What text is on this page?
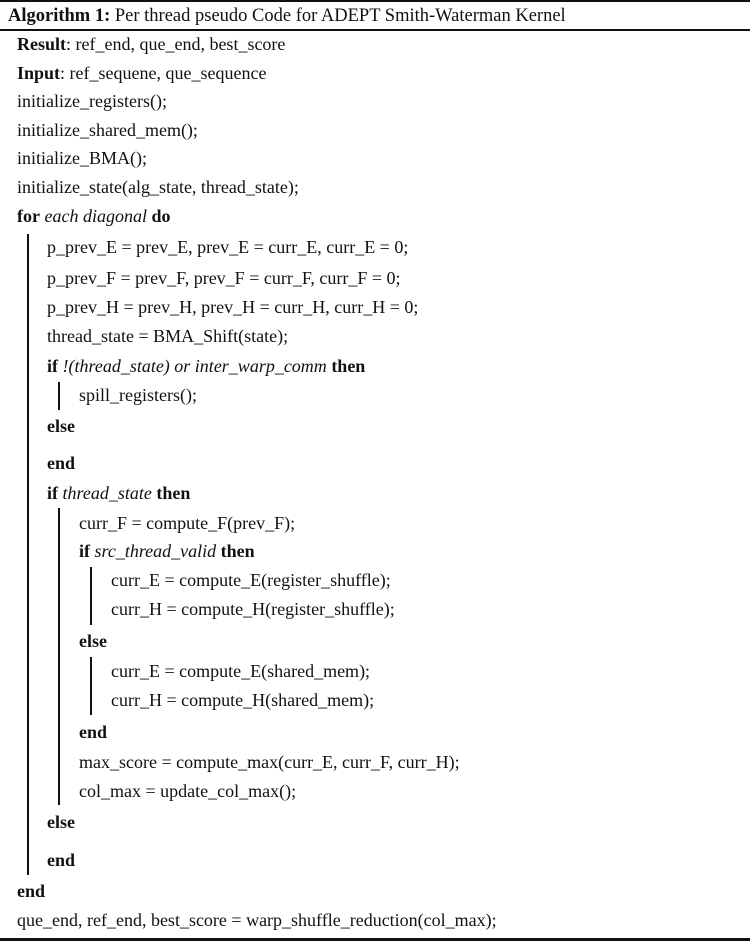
Algorithm 1: Per thread pseudo Code for ADEPT Smith-Waterman Kernel
Result: ref_end, que_end, best_score
Input: ref_sequene, que_sequence
initialize_registers();
initialize_shared_mem();
initialize_BMA();
initialize_state(alg_state, thread_state);
for each diagonal do
p_prev_E = prev_E, prev_E = curr_E, curr_E = 0;
p_prev_F = prev_F, prev_F = curr_F, curr_F = 0;
p_prev_H = prev_H, prev_H = curr_H, curr_H = 0;
thread_state = BMA_Shift(state);
if !(thread_state) or inter_warp_comm then
spill_registers();
else
end
if thread_state then
curr_F = compute_F(prev_F);
if src_thread_valid then
curr_E = compute_E(register_shuffle);
curr_H = compute_H(register_shuffle);
else
curr_E = compute_E(shared_mem);
curr_H = compute_H(shared_mem);
end
max_score = compute_max(curr_E, curr_F, curr_H);
col_max = update_col_max();
else
end
end
que_end, ref_end, best_score = warp_shuffle_reduction(col_max);
